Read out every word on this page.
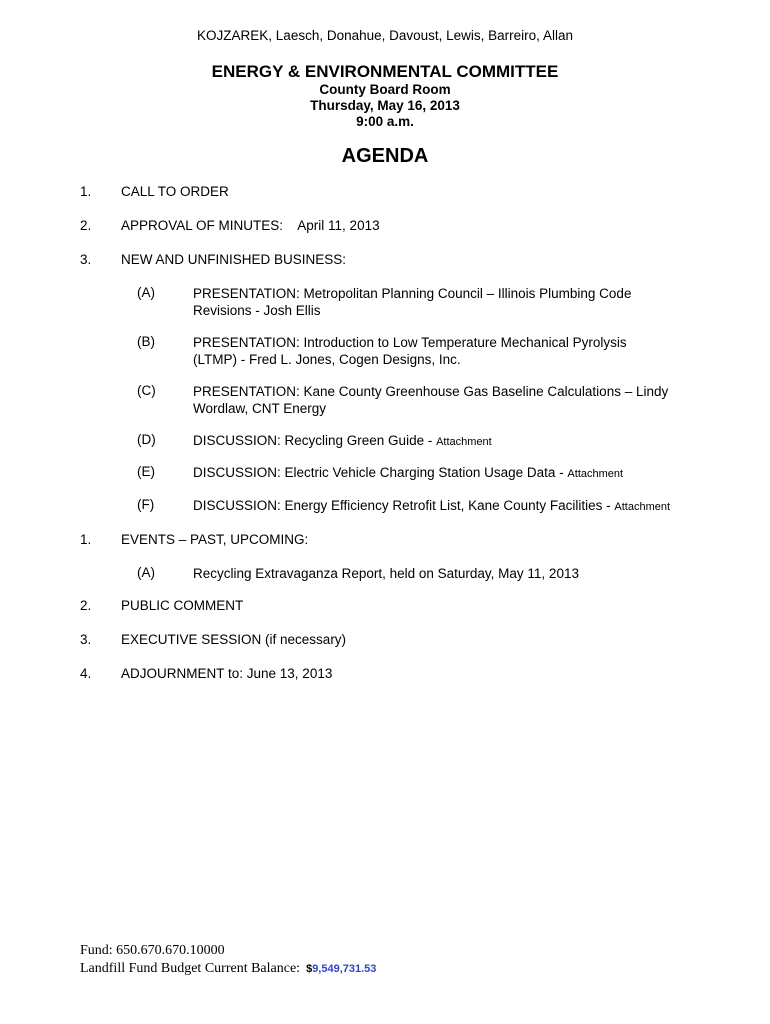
KOJZAREK, Laesch, Donahue, Davoust, Lewis, Barreiro, Allan
ENERGY & ENVIRONMENTAL COMMITTEE
County Board Room
Thursday, May 16, 2013
9:00 a.m.
AGENDA
1. CALL TO ORDER
2. APPROVAL OF MINUTES:    April 11, 2013
3. NEW AND UNFINISHED BUSINESS:
(A)	PRESENTATION: Metropolitan Planning Council – Illinois Plumbing Code
Revisions - Josh Ellis
(B)	PRESENTATION: Introduction to Low Temperature Mechanical Pyrolysis
(LTMP) - Fred L. Jones, Cogen Designs, Inc.
(C)	PRESENTATION: Kane County Greenhouse Gas Baseline Calculations – Lindy
Wordlaw, CNT Energy
(D)	DISCUSSION: Recycling Green Guide - Attachment
(E)	DISCUSSION: Electric Vehicle Charging Station Usage Data - Attachment
(F)	DISCUSSION: Energy Efficiency Retrofit List, Kane County Facilities - Attachment
1. EVENTS – PAST, UPCOMING:
(A)	Recycling Extravaganza Report, held on Saturday, May 11, 2013
2. PUBLIC COMMENT
3. EXECUTIVE SESSION (if necessary)
4. ADJOURNMENT to: June 13, 2013
Fund: 650.670.670.10000
Landfill Fund Budget Current Balance: $9,549,731.53
